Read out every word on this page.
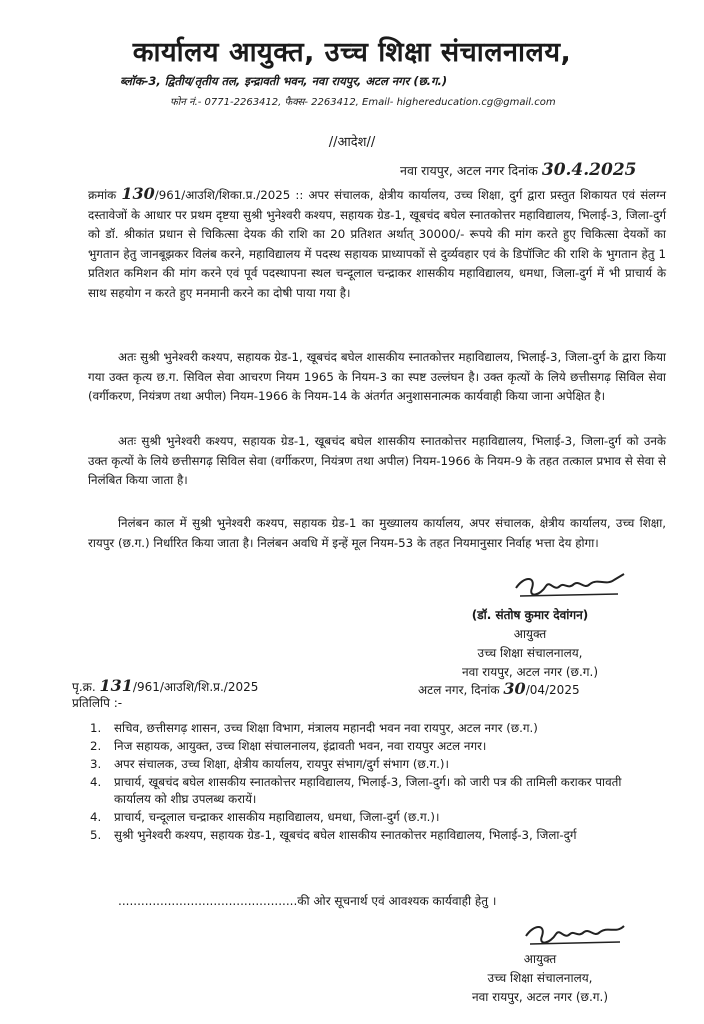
कार्यालय आयुक्त, उच्च शिक्षा संचालनालय,
ब्लॉक-3, द्वितीय/तृतीय तल, इन्द्रावती भवन, नवा रायपुर, अटल नगर (छ.ग.)
फोन नं.- 0771-2263412, फैक्स- 2263412, Email- highereducation.cg@gmail.com
//आदेश//
नवा रायपुर, अटल नगर दिनांक 30.4.2025
क्रमांक 130/961/आउशि/शिका.प्र./2025 :: अपर संचालक, क्षेत्रीय कार्यालय, उच्च शिक्षा, दुर्ग द्वारा प्रस्तुत शिकायत एवं संलग्न दस्तावेजों के आधार पर प्रथम दृष्टया सुश्री भुनेश्वरी कश्यप, सहायक ग्रेड-1, खूबचंद बघेल स्नातकोत्तर महाविद्यालय, भिलाई-3, जिला-दुर्ग को डॉ. श्रीकांत प्रधान से चिकित्सा देयक की राशि का 20 प्रतिशत अर्थात् 30000/- रूपये की मांग करते हुए चिकित्सा देयकों का भुगतान हेतु जानबूझकर विलंब करने, महाविद्यालय में पदस्थ सहायक प्राध्यापकों से दुर्व्यवहार एवं के डिपॉजिट की राशि के भुगतान हेतु 1 प्रतिशत कमिशन की मांग करने एवं पूर्व पदस्थापना स्थल चन्दूलाल चन्द्राकर शासकीय महाविद्यालय, धमधा, जिला-दुर्ग में भी प्राचार्य के साथ सहयोग न करते हुए मनमानी करने का दोषी पाया गया है।
अतः सुश्री भुनेश्वरी कश्यप, सहायक ग्रेड-1, खूबचंद बघेल शासकीय स्नातकोत्तर महाविद्यालय, भिलाई-3, जिला-दुर्ग के द्वारा किया गया उक्त कृत्य छ.ग. सिविल सेवा आचरण नियम 1965 के नियम-3 का स्पष्ट उल्लंघन है। उक्त कृत्यों के लिये छत्तीसगढ़ सिविल सेवा (वर्गीकरण, नियंत्रण तथा अपील) नियम-1966 के नियम-14 के अंतर्गत अनुशासनात्मक कार्यवाही किया जाना अपेक्षित है।
अतः सुश्री भुनेश्वरी कश्यप, सहायक ग्रेड-1, खूबचंद बघेल शासकीय स्नातकोत्तर महाविद्यालय, भिलाई-3, जिला-दुर्ग को उनके उक्त कृत्यों के लिये छत्तीसगढ़ सिविल सेवा (वर्गीकरण, नियंत्रण तथा अपील) नियम-1966 के नियम-9 के तहत तत्काल प्रभाव से सेवा से निलंबित किया जाता है।
निलंबन काल में सुश्री भुनेश्वरी कश्यप, सहायक ग्रेड-1 का मुख्यालय कार्यालय, अपर संचालक, क्षेत्रीय कार्यालय, उच्च शिक्षा, रायपुर (छ.ग.) निर्धारित किया जाता है। निलंबन अवधि में इन्हें मूल नियम-53 के तहत नियमानुसार निर्वाह भत्ता देय होगा।
(डॉ. संतोष कुमार देवांगन)
आयुक्त
उच्च शिक्षा संचालनालय,
नवा रायपुर, अटल नगर (छ.ग.)
पृ.क्र. 131/961/आउशि/शि.प्र./2025	अटल नगर, दिनांक 30/04/2025
प्रतिलिपि :-
1.	सचिव, छत्तीसगढ़ शासन, उच्च शिक्षा विभाग, मंत्रालय महानदी भवन नवा रायपुर, अटल नगर (छ.ग.)
2.	निज सहायक, आयुक्त, उच्च शिक्षा संचालनालय, इंद्रावती भवन, नवा रायपुर अटल नगर।
3.	अपर संचालक, उच्च शिक्षा, क्षेत्रीय कार्यालय, रायपुर संभाग/दुर्ग संभाग (छ.ग.)।
4.	प्राचार्य, खूबचंद बघेल शासकीय स्नातकोत्तर महाविद्यालय, भिलाई-3, जिला-दुर्ग। को जारी पत्र की तामिली कराकर पावती कार्यालय को शीघ्र उपलब्ध करायें।
4.	प्राचार्य, चन्दूलाल चन्द्राकर शासकीय महाविद्यालय, धमधा, जिला-दुर्ग (छ.ग.)।
5.	सुश्री भुनेश्वरी कश्यप, सहायक ग्रेड-1, खूबचंद बघेल शासकीय स्नातकोत्तर महाविद्यालय, भिलाई-3, जिला-दुर्ग
...............................................की ओर सूचनार्थ एवं आवश्यक कार्यवाही हेतु ।
आयुक्त
उच्च शिक्षा संचालनालय,
नवा रायपुर, अटल नगर (छ.ग.)
